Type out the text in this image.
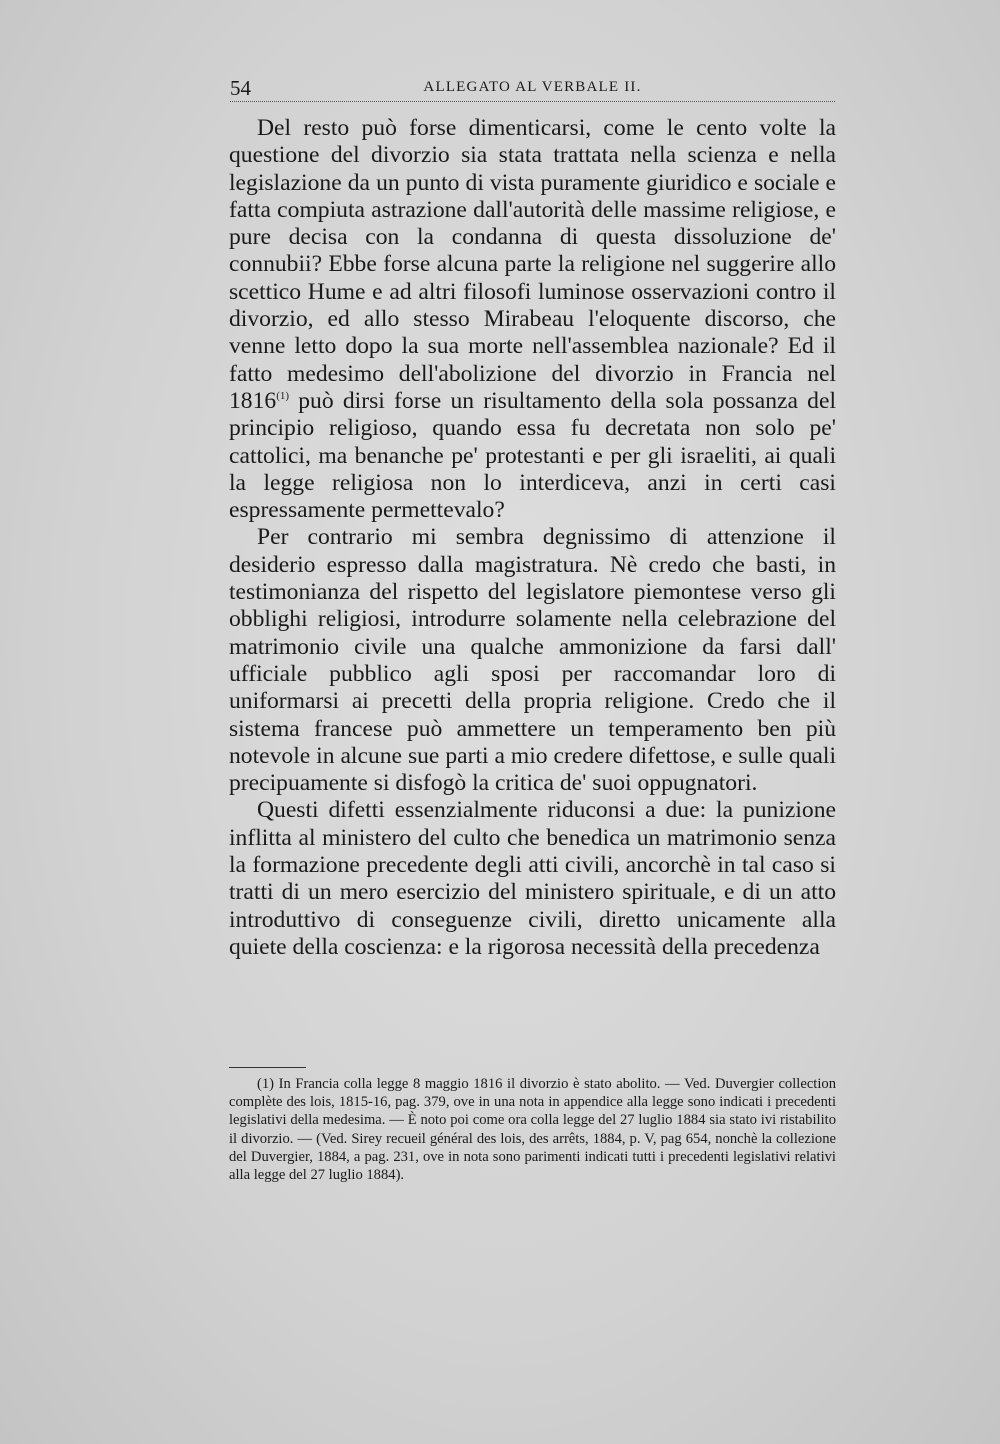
54	ALLEGATO AL VERBALE II.

Del resto può forse dimenticarsi, come le cento volte la questione del divorzio sia stata trattata nella scienza e nella legislazione da un punto di vista puramente giuridico e sociale e fatta compiuta astrazione dall'autorità delle massime religiose, e pure decisa con la condanna di questa dissoluzione de' connubii? Ebbe forse alcuna parte la religione nel suggerire allo scettico Hume e ad altri filosofi luminose osservazioni contro il divorzio, ed allo stesso Mirabeau l'eloquente discorso, che venne letto dopo la sua morte nell'assemblea nazionale? Ed il fatto medesimo dell'abolizione del divorzio in Francia nel 1816$^{(1)}$ può dirsi forse un risultamento della sola possanza del principio religioso, quando essa fu decretata non solo pe' cattolici, ma benanche pe' protestanti e per gli israeliti, ai quali la legge religiosa non lo interdiceva, anzi in certi casi espressamente permettevalo?

Per contrario mi sembra degnissimo di attenzione il desiderio espresso dalla magistratura. Nè credo che basti, in testimonianza del rispetto del legislatore piemontese verso gli obblighi religiosi, introdurre solamente nella celebrazione del matrimonio civile una qualche ammonizione da farsi dall' ufficiale pubblico agli sposi per raccomandar loro di uniformarsi ai precetti della propria religione. Credo che il sistema francese può ammettere un temperamento ben più notevole in alcune sue parti a mio credere difettose, e sulle quali precipuamente si disfogò la critica de' suoi oppugnatori.

Questi difetti essenzialmente riduconsi a due: la punizione inflitta al ministero del culto che benedica un matrimonio senza la formazione precedente degli atti civili, ancorchè in tal caso si tratti di un mero esercizio del ministero spirituale, e di un atto introduttivo di conseguenze civili, diretto unicamente alla quiete della coscienza: e la rigorosa necessità della precedenza

(1) In Francia colla legge 8 maggio 1816 il divorzio è stato abolito. — Ved. Duvergier collection complète des lois, 1815-16, pag. 379, ove in una nota in appendice alla legge sono indicati i precedenti legislativi della medesima. — È noto poi come ora colla legge del 27 luglio 1884 sia stato ivi ristabilito il divorzio. — (Ved. Sirey recueil général des lois, des arrêts, 1884, p. V, pag 654, nonchè la collezione del Duvergier, 1884, a pag. 231, ove in nota sono parimenti indicati tutti i precedenti legislativi relativi alla legge del 27 luglio 1884).
